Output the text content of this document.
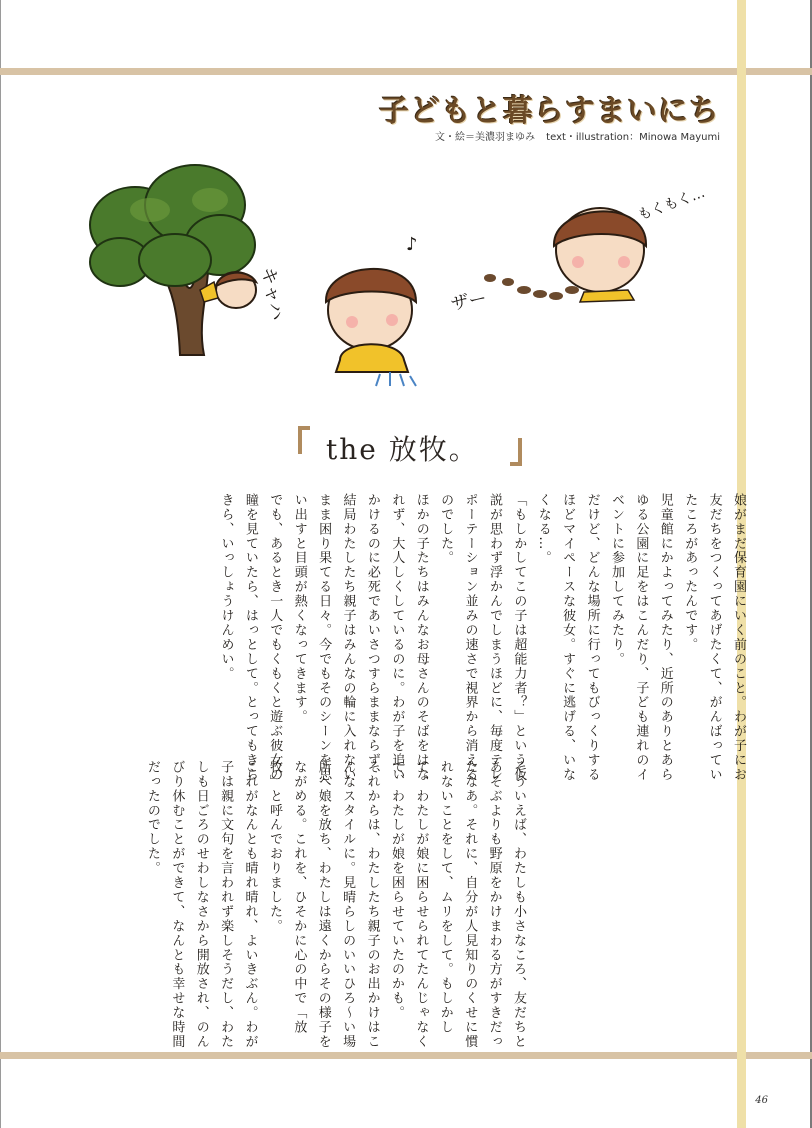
子どもと暮らすまいにち
文・絵＝美濃羽まゆみ text・illustration：Minowa Mayumi
キャハ
♪
ザー
もくもく…
the 放牧。

娘がまだ保育園にいく前のこと。わが子にお友だちをつくってあげたくて、がんばっていたころがあったんです。

児童館にかよってみたり、近所のありとあらゆる公園に足をはこんだり、子ども連れのイベントに参加してみたり。

だけど、どんな場所に行ってもびっくりするほどマイペースな彼女。すぐに逃げる、いなくなる…。

「もしかしてこの子は超能力者？」という仮説が思わず浮かんでしまうほどに、毎度テレポーテーション並みの速さで視界から消えるのでした。

ほかの子たちはみんなお母さんのそばをはなれず、大人しくしているのに。わが子を追いかけるのに必死であいさつすらままならず、結局わたしたち親子はみんなの輪に入れないまま困り果てる日々。今でもそのシーンを思い出すと目頭が熱くなってきます。

でも、あるとき一人でもくもくと遊ぶ彼女の瞳を見ていたら、はっとして。とってもきらきら、いっしょうけんめい。

そういえば、わたしも小さなころ、友だちとあそぶよりも野原をかけまわる方がすきだったなあ。それに、自分が人見知りのくせに慣れないことをして、ムリをして。もしかして、わたしが娘に困らせられてたんじゃなくて、わたしが娘を困らせていたのかも。

それからは、わたしたち親子のお出かけはこんなスタイルに。見晴らしのいいひろ～い場所へ娘を放ち、わたしは遠くからその様子をながめる。これを、ひそかに心の中で「放牧」と呼んでおりました。

これがなんとも晴れ晴れ、よいきぶん。わが子は親に文句を言われず楽しそうだし、わたしも日ごろのせわしなさから開放され、のんびり休むことができて、なんとも幸せな時間だったのでした。

46
